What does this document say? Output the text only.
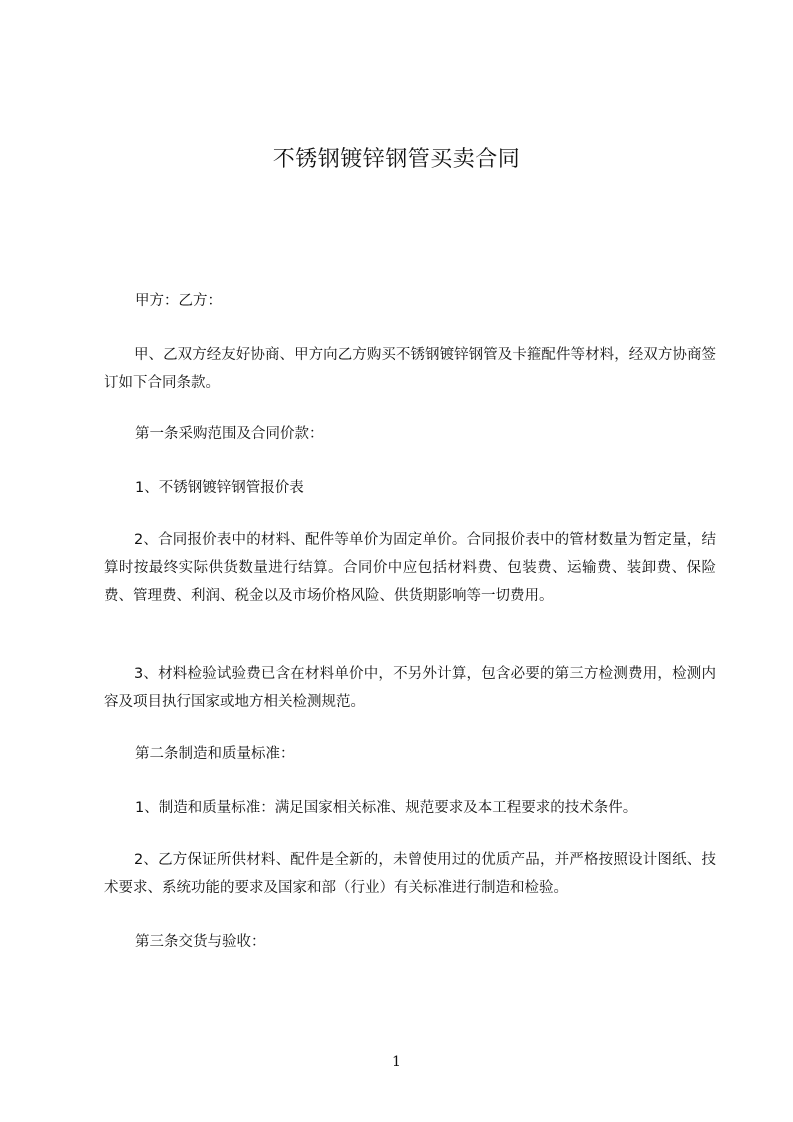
不锈钢镀锌钢管买卖合同

甲方：乙方：

甲、乙双方经友好协商、甲方向乙方购买不锈钢镀锌钢管及卡箍配件等材料，经双方协商签订如下合同条款。

第一条采购范围及合同价款：

1、不锈钢镀锌钢管报价表

2、合同报价表中的材料、配件等单价为固定单价。合同报价表中的管材数量为暂定量，结算时按最终实际供货数量进行结算。合同价中应包括材料费、包装费、运输费、装卸费、保险费、管理费、利润、税金以及市场价格风险、供货期影响等一切费用。

3、材料检验试验费已含在材料单价中，不另外计算，包含必要的第三方检测费用，检测内容及项目执行国家或地方相关检测规范。

第二条制造和质量标准：

1、制造和质量标准：满足国家相关标准、规范要求及本工程要求的技术条件。

2、乙方保证所供材料、配件是全新的，未曾使用过的优质产品，并严格按照设计图纸、技术要求、系统功能的要求及国家和部（行业）有关标准进行制造和检验。

第三条交货与验收：

1
